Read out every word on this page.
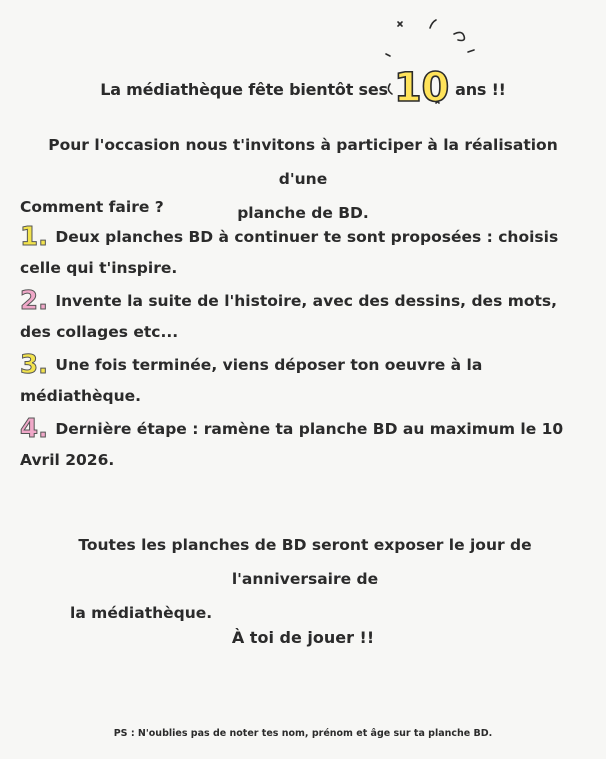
La médiathèque fête bientôt ses 10 ans !!
Pour l'occasion nous t'invitons à participer à la réalisation d'une
planche de BD.
Comment faire ?
1. Deux planches BD à continuer te sont proposées : choisis celle qui t'inspire.
2. Invente la suite de l'histoire, avec des dessins, des mots, des collages etc...
3. Une fois terminée, viens déposer ton oeuvre à la médiathèque.
4. Dernière étape : ramène ta planche BD au maximum le 10 Avril 2026.
Toutes les planches de BD seront exposer le jour de l'anniversaire de
la médiathèque.
À toi de jouer !!
PS : N'oublies pas de noter tes nom, prénom et âge sur ta planche BD.
